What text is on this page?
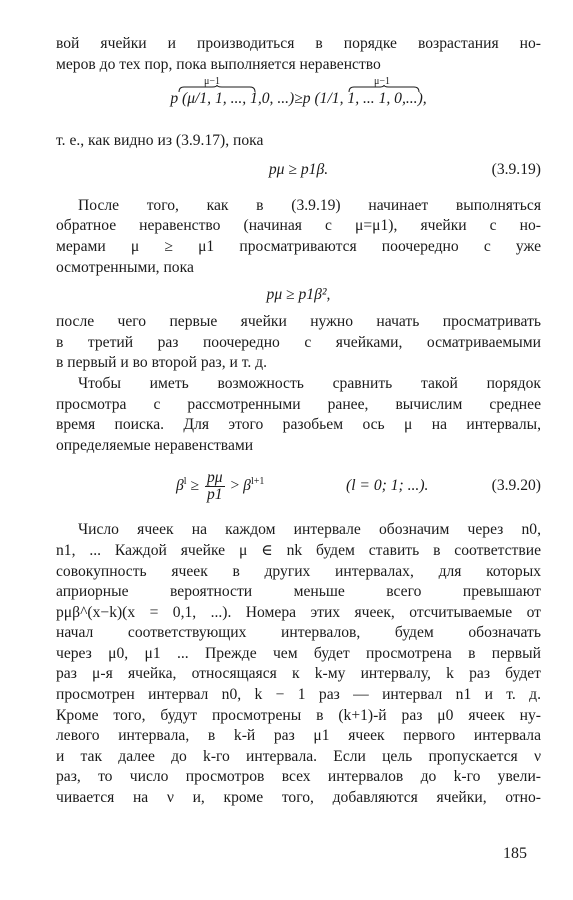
вой ячейки и производиться в порядке возрастания но-
меров до тех пор, пока выполняется неравенство
μ−1	μ−1
p (μ/1, 1, ..., 1,0, ...)≥p (1/1, 1, ... 1, 0,...),
т. е., как видно из (3.9.17), пока
pμ ≥ p1β.	(3.9.19)
После того, как в (3.9.19) начинает выполняться
обратное неравенство (начиная с μ=μ1), ячейки с но-
мерами μ ≥ μ1 просматриваются поочередно с уже
осмотренными, пока
pμ ≥ p1β²,
после чего первые ячейки нужно начать просматривать
в третий раз поочередно с ячейками, осматриваемыми
в первый и во второй раз, и т. д.
Чтобы иметь возможность сравнить такой порядок
просмотра с рассмотренными ранее, вычислим среднее
время поиска. Для этого разобьем ось μ на интервалы,
определяемые неравенствами
$\beta^l \ge \frac{p\mu}{p1} > \beta^{l+1}$	(l = 0; 1; ...).	(3.9.20)
Число ячеек на каждом интервале обозначим через n0,
n1, ... Каждой ячейке μ ∈ nk будем ставить в соответствие
совокупность ячеек в других интервалах, для которых
априорные вероятности меньше всего превышают
pμβ^(x−k)(x = 0,1, ...). Номера этих ячеек, отсчитываемые от
начал соответствующих интервалов, будем обозначать
через μ0, μ1 ... Прежде чем будет просмотрена в первый
раз μ-я ячейка, относящаяся к k-му интервалу, k раз будет
просмотрен интервал n0, k − 1 раз — интервал n1 и т. д.
Кроме того, будут просмотрены в (k+1)-й раз μ0 ячеек ну-
левого интервала, в k-й раз μ1 ячеек первого интервала
и так далее до k-го интервала. Если цель пропускается ν
раз, то число просмотров всех интервалов до k-го увели-
чивается на ν и, кроме того, добавляются ячейки, отно-
185
